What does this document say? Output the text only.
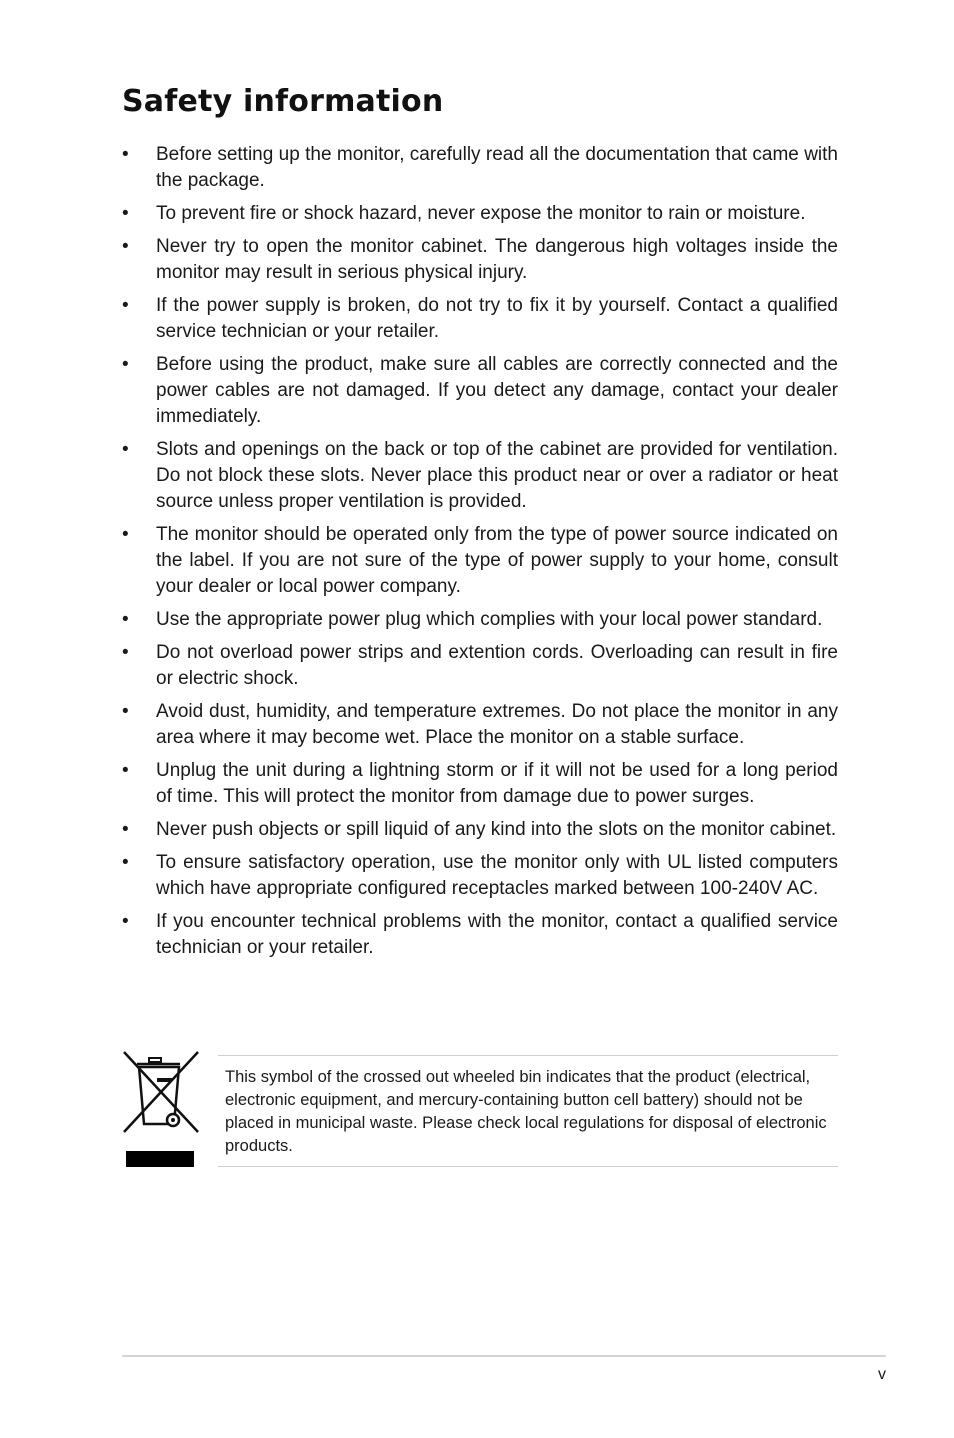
Safety information
• Before setting up the monitor, carefully read all the documentation that came with the package.
• To prevent fire or shock hazard, never expose the monitor to rain or moisture.
• Never try to open the monitor cabinet. The dangerous high voltages inside the monitor may result in serious physical injury.
• If the power supply is broken, do not try to fix it by yourself. Contact a qualified service technician or your retailer.
• Before using the product, make sure all cables are correctly connected and the power cables are not damaged. If you detect any damage, contact your dealer immediately.
• Slots and openings on the back or top of the cabinet are provided for ventilation. Do not block these slots. Never place this product near or over a radiator or heat source unless proper ventilation is provided.
• The monitor should be operated only from the type of power source indicated on the label. If you are not sure of the type of power supply to your home, consult your dealer or local power company.
• Use the appropriate power plug which complies with your local power standard.
• Do not overload power strips and extention cords. Overloading can result in fire or electric shock.
• Avoid dust, humidity, and temperature extremes. Do not place the monitor in any area where it may become wet. Place the monitor on a stable surface.
• Unplug the unit during a lightning storm or if it will not be used for a long period of time. This will protect the monitor from damage due to power surges.
• Never push objects or spill liquid of any kind into the slots on the monitor cabinet.
• To ensure satisfactory operation, use the monitor only with UL listed computers which have appropriate configured receptacles marked between 100-240V AC.
• If you encounter technical problems with the monitor, contact a qualified service technician or your retailer.

This symbol of the crossed out wheeled bin indicates that the product (electrical, electronic equipment, and mercury-containing button cell battery) should not be placed in municipal waste. Please check local regulations for disposal of electronic products.

v
